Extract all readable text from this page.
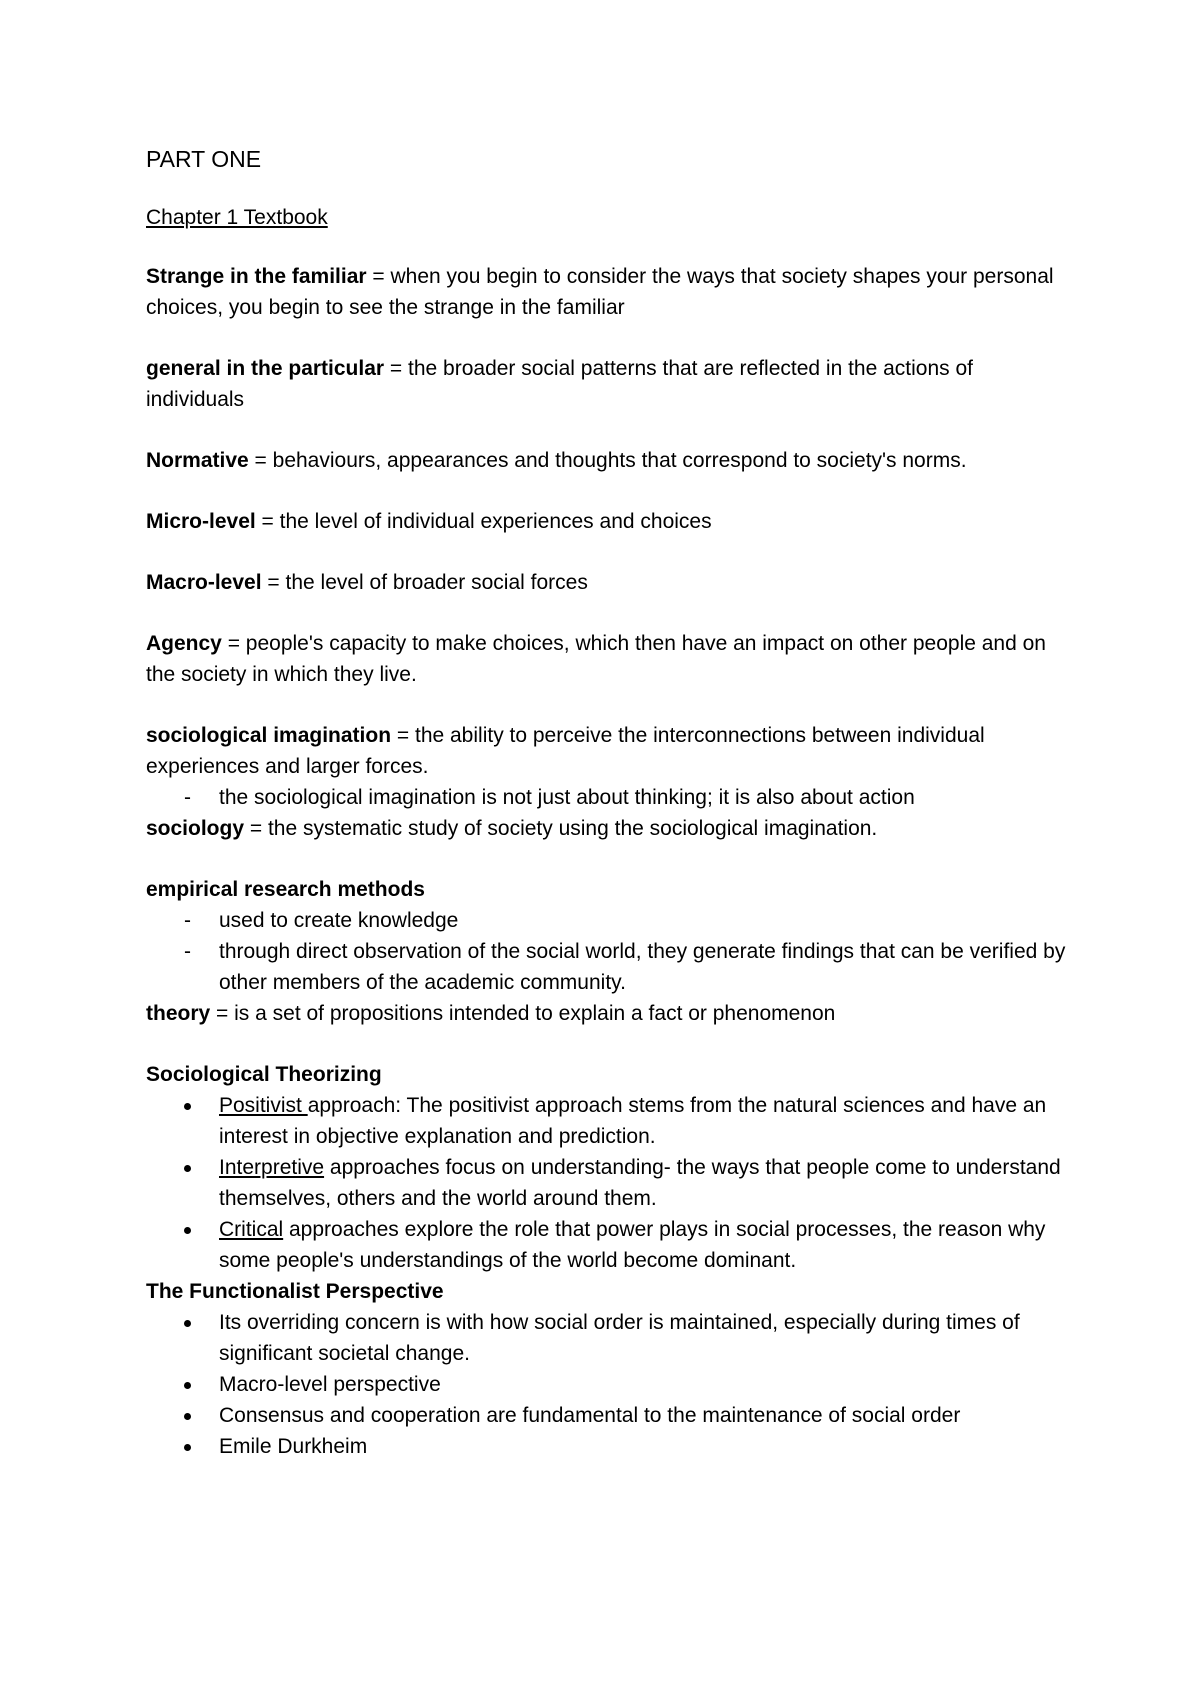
PART ONE

Chapter 1 Textbook

Strange in the familiar = when you begin to consider the ways that society shapes your personal choices, you begin to see the strange in the familiar

general in the particular = the broader social patterns that are reflected in the actions of individuals

Normative = behaviours, appearances and thoughts that correspond to society's norms.

Micro-level = the level of individual experiences and choices

Macro-level = the level of broader social forces

Agency = people's capacity to make choices, which then have an impact on other people and on the society in which they live.

sociological imagination = the ability to perceive the interconnections between individual experiences and larger forces.

- the sociological imagination is not just about thinking; it is also about action

sociology = the systematic study of society using the sociological imagination.

empirical research methods

- used to create knowledge
- through direct observation of the social world, they generate findings that can be verified by other members of the academic community.

theory = is a set of propositions intended to explain a fact or phenomenon

Sociological Theorizing

Positivist approach: The positivist approach stems from the natural sciences and have an interest in objective explanation and prediction.
Interpretive approaches focus on understanding- the ways that people come to understand themselves, others and the world around them.
Critical approaches explore the role that power plays in social processes, the reason why some people's understandings of the world become dominant.

The Functionalist Perspective

Its overriding concern is with how social order is maintained, especially during times of significant societal change.
Macro-level perspective
Consensus and cooperation are fundamental to the maintenance of social order
Emile Durkheim
